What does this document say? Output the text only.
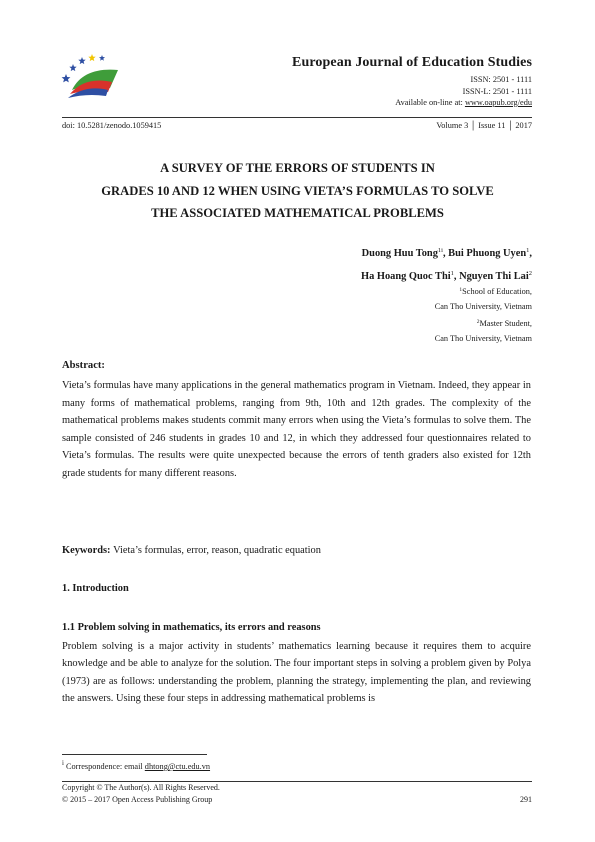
European Journal of Education Studies
ISSN: 2501 - 1111
ISSN-L: 2501 - 1111
Available on-line at: www.oapub.org/edu
doi: 10.5281/zenodo.1059415	Volume 3 │ Issue 11 │ 2017
A SURVEY OF THE ERRORS OF STUDENTS IN
GRADES 10 AND 12 WHEN USING VIETA’S FORMULAS TO SOLVE
THE ASSOCIATED MATHEMATICAL PROBLEMS
Duong Huu Tong$^{1i}$, Bui Phuong Uyen$^1$,
Ha Hoang Quoc Thi$^1$, Nguyen Thi Lai$^2$
$^1$School of Education,
Can Tho University, Vietnam
$^2$Master Student,
Can Tho University, Vietnam
Abstract:
Vieta’s formulas have many applications in the general mathematics program in Vietnam. Indeed, they appear in many forms of mathematical problems, ranging from 9th, 10th and 12th grades. The complexity of the mathematical problems makes students commit many errors when using the Vieta’s formulas to solve them. The sample consisted of 246 students in grades 10 and 12, in which they addressed four questionnaires related to Vieta’s formulas. The results were quite unexpected because the errors of tenth graders also existed for 12th grade students for many different reasons.
Keywords: Vieta’s formulas, error, reason, quadratic equation
1. Introduction
1.1 Problem solving in mathematics, its errors and reasons
Problem solving is a major activity in students’ mathematics learning because it requires them to acquire knowledge and be able to analyze for the solution. The four important steps in solving a problem given by Polya (1973) are as follows: understanding the problem, planning the strategy, implementing the plan, and reviewing the answers. Using these four steps in addressing mathematical problems is
$^i$ Correspondence: email dhtong@ctu.edu.vn
Copyright © The Author(s). All Rights Reserved.
© 2015 – 2017 Open Access Publishing Group	291
